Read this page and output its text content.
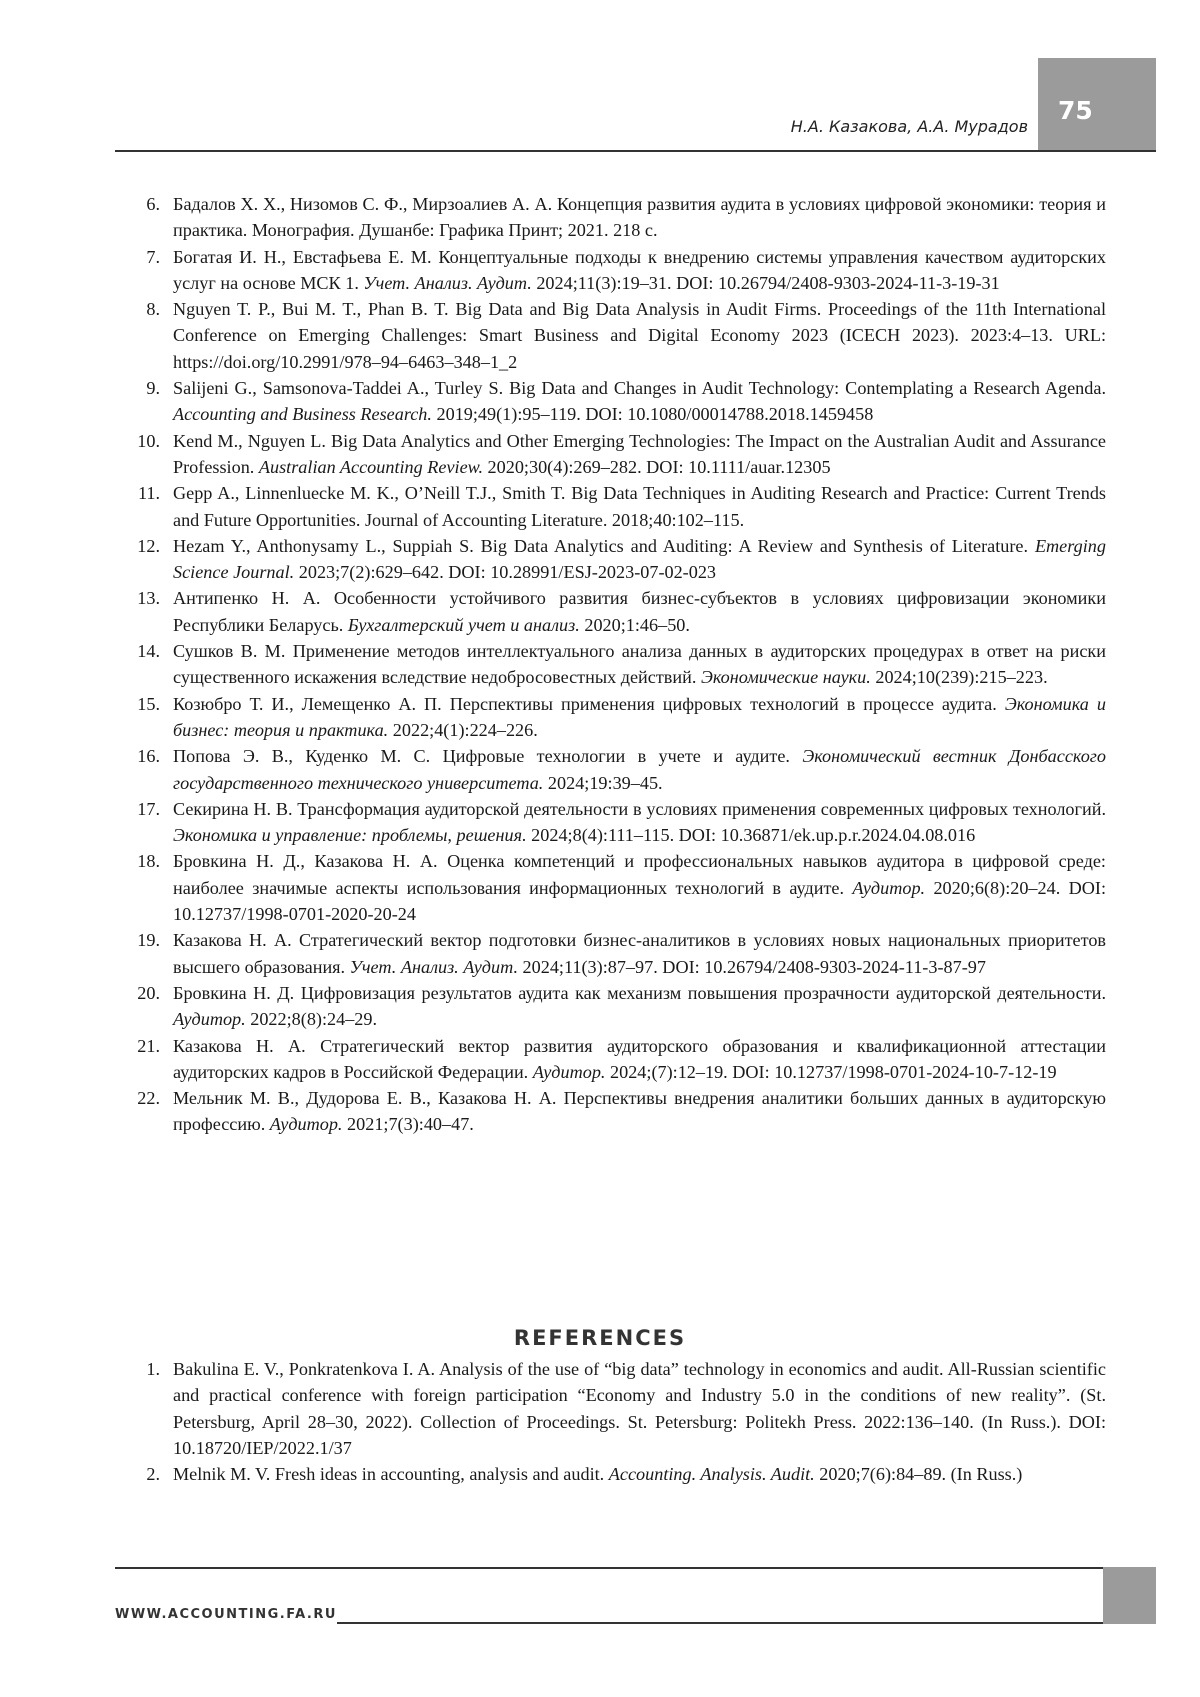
75
Н.А. Казакова, А.А. Мурадов
6. Бадалов Х. Х., Низомов С. Ф., Мирзоалиев А. А. Концепция развития аудита в условиях цифровой экономики: теория и практика. Монография. Душанбе: Графика Принт; 2021. 218 с.
7. Богатая И. Н., Евстафьева Е. М. Концептуальные подходы к внедрению системы управления качеством аудиторских услуг на основе МСК 1. Учет. Анализ. Аудит. 2024;11(3):19–31. DOI: 10.26794/2408-9303-2024-11-3-19-31
8. Nguyen T. P., Bui M. T., Phan B. T. Big Data and Big Data Analysis in Audit Firms. Proceedings of the 11th International Conference on Emerging Challenges: Smart Business and Digital Economy 2023 (ICECH 2023). 2023:4–13. URL: https://doi.org/10.2991/978–94–6463–348–1_2
9. Salijeni G., Samsonova-Taddei A., Turley S. Big Data and Changes in Audit Technology: Contemplating a Research Agenda. Accounting and Business Research. 2019;49(1):95–119. DOI: 10.1080/00014788.2018.1459458
10. Kend M., Nguyen L. Big Data Analytics and Other Emerging Technologies: The Impact on the Australian Audit and Assurance Profession. Australian Accounting Review. 2020;30(4):269–282. DOI: 10.1111/auar.12305
11. Gepp A., Linnenluecke M. K., O’Neill T.J., Smith T. Big Data Techniques in Auditing Research and Practice: Current Trends and Future Opportunities. Journal of Accounting Literature. 2018;40:102–115.
12. Hezam Y., Anthonysamy L., Suppiah S. Big Data Analytics and Auditing: A Review and Synthesis of Literature. Emerging Science Journal. 2023;7(2):629–642. DOI: 10.28991/ESJ-2023-07-02-023
13. Антипенко Н. А. Особенности устойчивого развития бизнес-субъектов в условиях цифровизации экономики Республики Беларусь. Бухгалтерский учет и анализ. 2020;1:46–50.
14. Сушков В. М. Применение методов интеллектуального анализа данных в аудиторских процедурах в ответ на риски существенного искажения вследствие недобросовестных действий. Экономические науки. 2024;10(239):215–223.
15. Козюбро Т. И., Лемещенко А. П. Перспективы применения цифровых технологий в процессе аудита. Экономика и бизнес: теория и практика. 2022;4(1):224–226.
16. Попова Э. В., Куденко М. С. Цифровые технологии в учете и аудите. Экономический вестник Донбасского государственного технического университета. 2024;19:39–45.
17. Секирина Н. В. Трансформация аудиторской деятельности в условиях применения современных цифровых технологий. Экономика и управление: проблемы, решения. 2024;8(4):111–115. DOI: 10.36871/ek.up.p.r.2024.04.08.016
18. Бровкина Н. Д., Казакова Н. А. Оценка компетенций и профессиональных навыков аудитора в цифровой среде: наиболее значимые аспекты использования информационных технологий в аудите. Аудитор. 2020;6(8):20–24. DOI: 10.12737/1998-0701-2020-20-24
19. Казакова Н. А. Стратегический вектор подготовки бизнес-аналитиков в условиях новых национальных приоритетов высшего образования. Учет. Анализ. Аудит. 2024;11(3):87–97. DOI: 10.26794/2408-9303-2024-11-3-87-97
20. Бровкина Н. Д. Цифровизация результатов аудита как механизм повышения прозрачности аудиторской деятельности. Аудитор. 2022;8(8):24–29.
21. Казакова Н. А. Стратегический вектор развития аудиторского образования и квалификационной аттестации аудиторских кадров в Российской Федерации. Аудитор. 2024;(7):12–19. DOI: 10.12737/1998-0701-2024-10-7-12-19
22. Мельник М. В., Дудорова Е. В., Казакова Н. А. Перспективы внедрения аналитики больших данных в аудиторскую профессию. Аудитор. 2021;7(3):40–47.
REFERENCES
1. Bakulina E. V., Ponkratenkova I. A. Analysis of the use of “big data” technology in economics and audit. All-Russian scientific and practical conference with foreign participation “Economy and Industry 5.0 in the conditions of new reality”. (St. Petersburg, April 28–30, 2022). Collection of Proceedings. St. Petersburg: Politekh Press. 2022:136–140. (In Russ.). DOI: 10.18720/IEP/2022.1/37
2. Melnik M. V. Fresh ideas in accounting, analysis and audit. Accounting. Analysis. Audit. 2020;7(6):84–89. (In Russ.)
WWW.ACCOUNTING.FA.RU
